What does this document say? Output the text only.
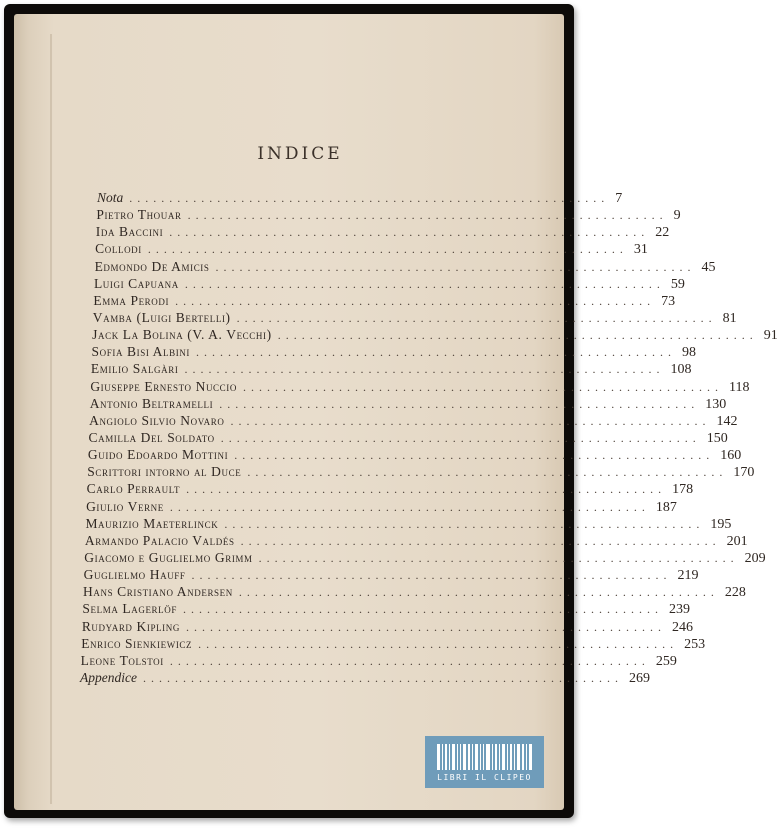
INDICE
Nota ............................................................ 7
Pietro Thouar ............................................................ 9
Ida Baccini ............................................................ 22
Collodi ............................................................ 31
Edmondo De Amicis ............................................................ 45
Luigi Capuana ............................................................ 59
Emma Perodi ............................................................ 73
Vamba (Luigi Bertelli) ............................................................ 81
Jack La Bolina (V. A. Vecchi) ............................................................ 91
Sofia Bisi Albini ............................................................ 98
Emilio Salgàri ............................................................ 108
Giuseppe Ernesto Nuccio ............................................................ 118
Antonio Beltramelli ............................................................ 130
Angiolo Silvio Novaro ............................................................ 142
Camilla Del Soldato ............................................................ 150
Guido Edoardo Mottini ............................................................ 160
Scrittori intorno al Duce ............................................................ 170
Carlo Perrault ............................................................ 178
Giulio Verne ............................................................ 187
Maurizio Maeterlinck ............................................................ 195
Armando Palacio Valdés ............................................................ 201
Giacomo e Guglielmo Grimm ............................................................ 209
Guglielmo Hauff ............................................................ 219
Hans Cristiano Andersen ............................................................ 228
Selma Lagerlöf ............................................................ 239
Rudyard Kipling ............................................................ 246
Enrico Sienkiewicz ............................................................ 253
Leone Tolstoi ............................................................ 259
Appendice ............................................................ 269
LIBRI IL CLIPEO
